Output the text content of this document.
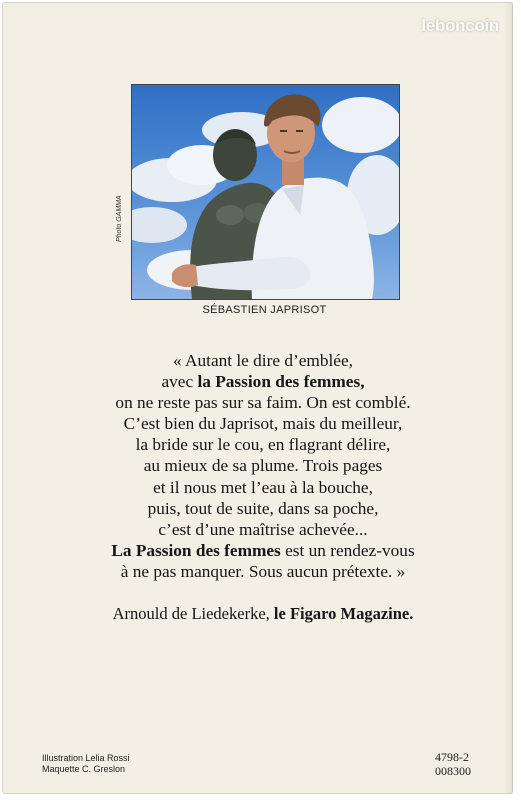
leboncoin
Photo GAMMA
SÉBASTIEN JAPRISOT
« Autant le dire d’emblée,
avec la Passion des femmes,
on ne reste pas sur sa faim. On est comblé.
C’est bien du Japrisot, mais du meilleur,
la bride sur le cou, en flagrant délire,
au mieux de sa plume. Trois pages
et il nous met l’eau à la bouche,
puis, tout de suite, dans sa poche,
c’est d’une maîtrise achevée...
La Passion des femmes est un rendez-vous
à ne pas manquer. Sous aucun prétexte. »
Arnould de Liedekerke, le Figaro Magazine.
Illustration Lelia Rossi
Maquette C. Greslon
4798-2
008300
